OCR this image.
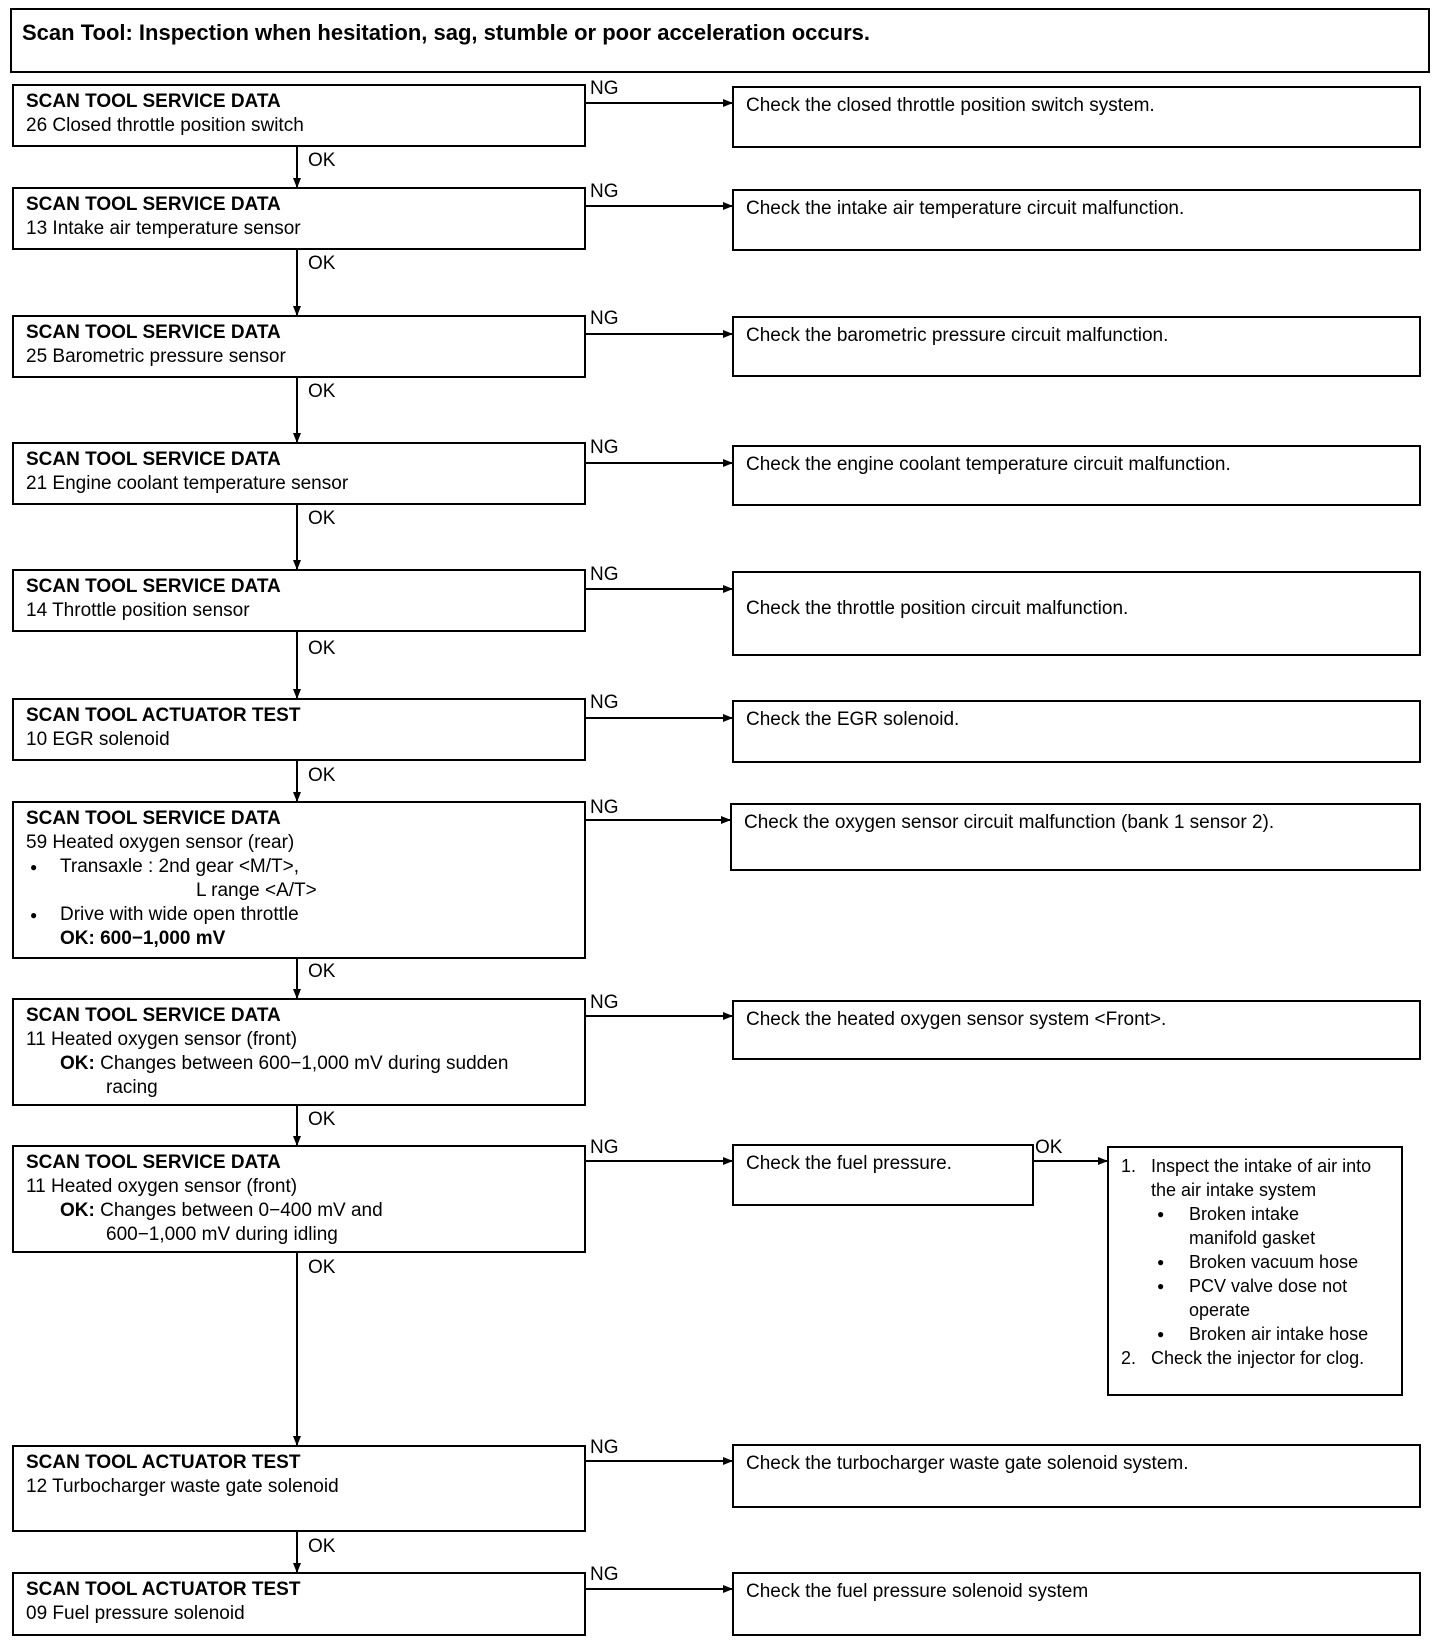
Scan Tool: Inspection when hesitation, sag, stumble or poor acceleration occurs.
OK
OK
OK
OK
OK
OK
OK
OK
OK
OK
OK
NG
NG
NG
NG
NG
NG
NG
NG
NG
NG
NG
SCAN TOOL SERVICE DATA
26 Closed throttle position switch
Check the closed throttle position switch system.
SCAN TOOL SERVICE DATA
13 Intake air temperature sensor
Check the intake air temperature circuit malfunction.
SCAN TOOL SERVICE DATA
25 Barometric pressure sensor
Check the barometric pressure circuit malfunction.
SCAN TOOL SERVICE DATA
21 Engine coolant temperature sensor
Check the engine coolant temperature circuit malfunction.
SCAN TOOL SERVICE DATA
14 Throttle position sensor	Check the throttle position circuit malfunction.
SCAN TOOL ACTUATOR TEST
10 EGR solenoid
Check the EGR solenoid.
SCAN TOOL SERVICE DATA
59 Heated oxygen sensor (rear)
● Transaxle : 2nd gear <M/T>,
L range <A/T>
● Drive with wide open throttle
OK: 600−1,000 mV
Check the oxygen sensor circuit malfunction (bank 1 sensor 2).
SCAN TOOL SERVICE DATA
11 Heated oxygen sensor (front)
OK: Changes between 600−1,000 mV during sudden
racing
Check the heated oxygen sensor system <Front>.
SCAN TOOL SERVICE DATA
11 Heated oxygen sensor (front)
OK: Changes between 0−400 mV and
600−1,000 mV during idling
Check the fuel pressure.	1. Inspect the intake of air into the air intake system
● Broken intake
manifold gasket
● Broken vacuum hose
● PCV valve dose not
operate
● Broken air intake hose
2. Check the injector for clog.
SCAN TOOL ACTUATOR TEST
12 Turbocharger waste gate solenoid
Check the turbocharger waste gate solenoid system.
SCAN TOOL ACTUATOR TEST
09 Fuel pressure solenoid
Check the fuel pressure solenoid system
